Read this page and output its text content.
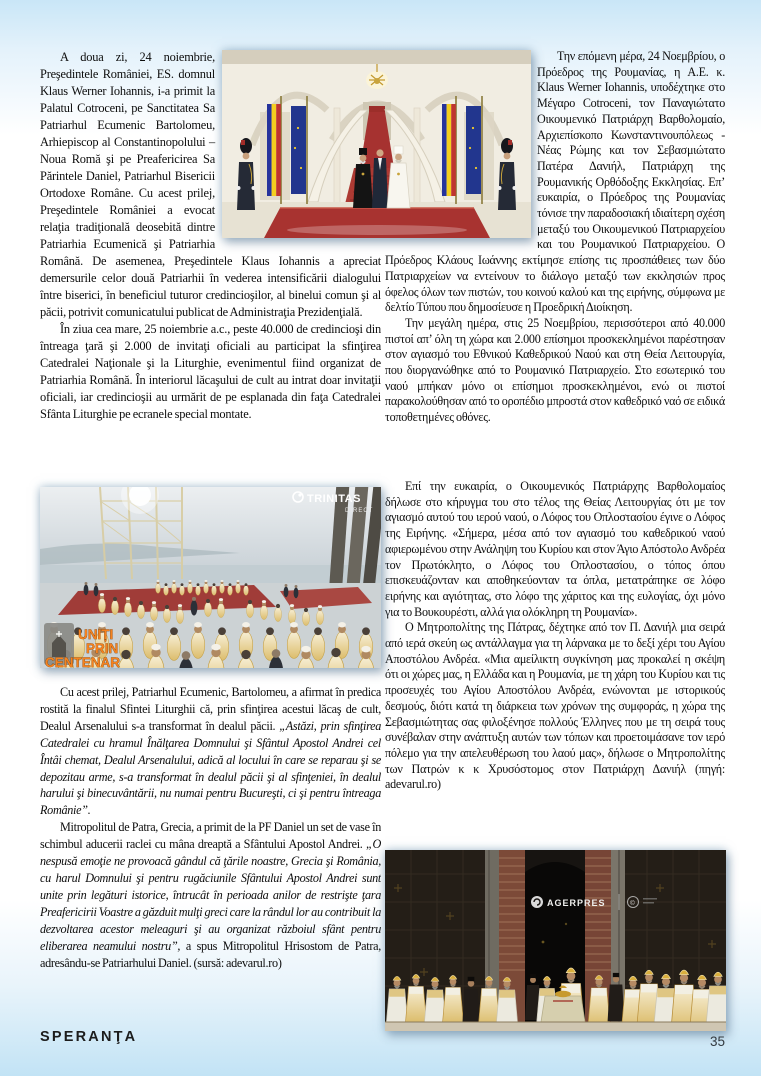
A doua zi, 24 noiembrie, Preşedintele României, ES. domnul Klaus Werner Iohannis, i-a primit la Palatul Cotroceni, pe Sanctitatea Sa Patriarhul Ecumenic Bartolomeu, Arhiepiscop al Constantinopolului – Noua Romă şi pe Preafericirea Sa Părintele Daniel, Patriarhul Bisericii Ortodoxe Române. Cu acest prilej, Preşedintele României a evocat relaţia tradiţională deosebită dintre Patriarhia Ecumenică şi Patriarhia Română. De asemenea, Preşedintele Klaus Iohannis a apreciat demersurile celor două Patriarhii în vederea intensificării dialogului între biserici, în beneficiul tuturor credincioşilor, al binelui comun şi al păcii, potrivit comunicatului publicat de Administraţia Prezidenţială.

În ziua cea mare, 25 noiembrie a.c., peste 40.000 de credincioşi din întreaga ţară şi 2.000 de invitaţi oficiali au participat la sfinţirea Catedralei Naţionale şi la Liturghie, evenimentul fiind organizat de Patriarhia Română. În interiorul lăcaşului de cult au intrat doar invitaţii oficiali, iar credincioşii au urmărit de pe esplanada din faţa Catedralei Sfânta Liturghie pe ecranele special montate.

Cu acest prilej, Patriarhul Ecumenic, Bartolomeu, a afirmat în predica rostită la finalul Sfintei Liturghii că, prin sfinţirea acestui lăcaş de cult, Dealul Arsenalului s-a transformat în dealul păcii. „Astăzi, prin sfinţirea Catedralei cu hramul Înălţarea Domnului şi Sfântul Apostol Andrei cel Întâi chemat, Dealul Arsenalului, adică al locului în care se reparau şi se depozitau arme, s-a transformat în dealul păcii şi al sfinţeniei, în dealul harului şi binecuvântării, nu numai pentru Bucureşti, ci şi pentru întreaga Românie”.

Mitropolitul de Patra, Grecia, a primit de la PF Daniel un set de vase în schimbul aducerii raclei cu mâna dreaptă a Sfântului Apostol Andrei. „O nespusă emoţie ne provoacă gândul că ţările noastre, Grecia şi România, cu harul Domnului şi pentru rugăciunile Sfântului Apostol Andrei sunt unite prin legături istorice, întrucât în perioada anilor de restrişte ţara Preafericirii Voastre a găzduit mulţi greci care la rândul lor au contribuit la dezvoltarea acestor meleaguri şi au organizat războiul sfânt pentru eliberarea neamului nostru”, a spus Mitropolitul Hrisostom de Patra, adresându-se Patriarhului Daniel. (sursă: adevarul.ro)

Την επόμενη μέρα, 24 Νοεμβρίου, ο Πρόεδρος της Ρουμανίας, η Α.Ε. κ. Klaus Werner Iohannis, υποδέχτηκε στο Μέγαρο Cotroceni, τον Παναγιώτατο Οικουμενικό Πατριάρχη Βαρθολομαίο, Αρχιεπίσκοπο Κωνσταντινουπόλεως - Νέας Ρώμης και τον Σεβασμιώτατο Πατέρα Δανιήλ, Πατριάρχη της Ρουμανικής Ορθόδοξης Εκκλησίας. Επ’ ευκαιρία, ο Πρόεδρος της Ρουμανίας τόνισε την παραδοσιακή ιδιαίτερη σχέση μεταξύ του Οικουμενικού Πατριαρχείου και του Ρουμανικού Πατριαρχείου. Ο Πρόεδρος Κλάους Ιωάννης εκτίμησε επίσης τις προσπάθειες των δύο Πατριαρχείων να εντείνουν το διάλογο μεταξύ των εκκλησιών προς όφελος όλων των πιστών, του κοινού καλού και της ειρήνης, σύμφωνα με δελτίο Τύπου που δημοσίευσε η Προεδρική Διοίκηση.

Την μεγάλη ημέρα, στις 25 Νοεμβρίου, περισσότεροι από 40.000 πιστοί απ’ όλη τη χώρα και 2.000 επίσημοι προσκεκλημένοι παρέστησαν στον αγιασμό του Εθνικού Καθεδρικού Ναού και στη Θεία Λειτουργία, που διοργανώθηκε από το Ρουμανικό Πατριαρχείο. Στο εσωτερικό του ναού μπήκαν μόνο οι επίσημοι προσκεκλημένοι, ενώ οι πιστοί παρακολούθησαν από το οροπέδιο μπροστά στον καθεδρικό ναό σε ειδικά τοποθετημένες οθόνες.

Επί την ευκαιρία, ο Οικουμενικός Πατριάρχης Βαρθολομαίος δήλωσε στο κήρυγμα του στο τέλος της Θείας Λειτουργίας ότι με τον αγιασμό αυτού του ιερού ναού, ο Λόφος του Οπλοστασίου έγινε ο Λόφος της Ειρήνης. «Σήμερα, μέσα από τον αγιασμό του καθεδρικού ναού αφιερωμένου στην Ανάληψη του Κυρίου και στον Άγιο Απόστολο Ανδρέα τον Πρωτόκλητο, ο Λόφος του Οπλοστασίου, ο τόπος όπου επισκευάζονταν και αποθηκεύονταν τα όπλα, μετατράπηκε σε λόφο ειρήνης και αγιότητας, στο λόφο της χάριτος και της ευλογίας, όχι μόνο για το Βουκουρέστι, αλλά για ολόκληρη τη Ρουμανία».

Ο Μητροπολίτης της Πάτρας, δέχτηκε από τον Π. Δανιήλ μια σειρά από ιερά σκεύη ως αντάλλαγμα για τη λάρνακα με το δεξί χέρι του Αγίου Αποστόλου Ανδρέα. «Μια αμείλικτη συγκίνηση μας προκαλεί η σκέψη ότι οι χώρες μας, η Ελλάδα και η Ρουμανία, με τη χάρη του Κυρίου και τις προσευχές του Αγίου Αποστόλου Ανδρέα, ενώνονται με ιστορικούς δεσμούς, διότι κατά τη διάρκεια των χρόνων της συμφοράς, η χώρα της Σεβασμιώτητας σας φιλοξένησε πολλούς Έλληνες που με τη σειρά τους συνέβαλαν στην ανάπτυξη αυτών των τόπων και προετοιμάσανε τον ιερό πόλεμο για την απελευθέρωση του λαού μας», δήλωσε ο Μητροπολίτης των Πατρών κ κ Χρυσόστομος στον Πατριάρχη Δανιήλ (πηγή: adevarul.ro)

TRINITAS
DIRECT
UNIȚI
PRIN
CENTENAR
AGERPRES	©
SPERANŢA	35
